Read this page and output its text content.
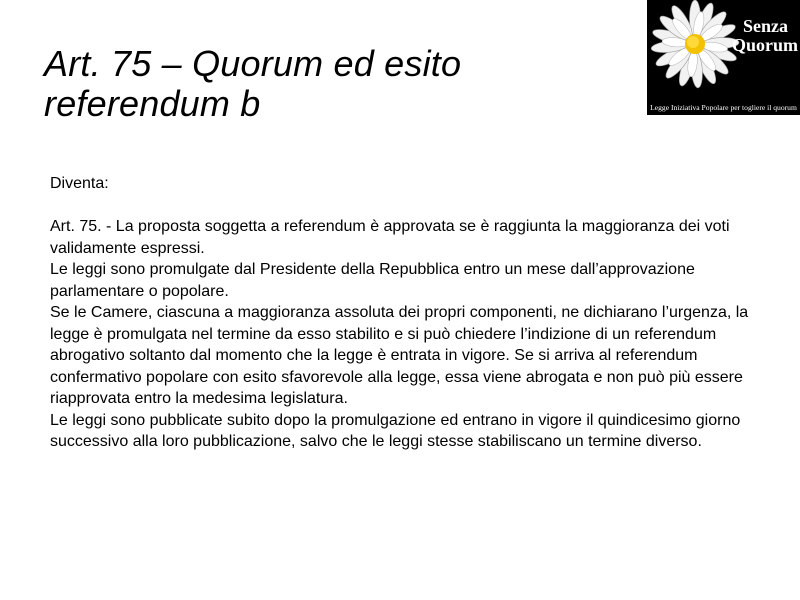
Art. 75 – Quorum ed esito
referendum b
Senza
Quorum
Legge Iniziativa Popolare per togliere il quorum

Diventa:

Art. 75. - La proposta soggetta a referendum è approvata se è raggiunta la maggioranza dei voti validamente espressi.

Le leggi sono promulgate dal Presidente della Repubblica entro un mese dall’approvazione parlamentare o popolare.

Se le Camere, ciascuna a maggioranza assoluta dei propri componenti, ne dichiarano l’urgenza, la legge è promulgata nel termine da esso stabilito e si può chiedere l’indizione di un referendum abrogativo soltanto dal momento che la legge è entrata in vigore. Se si arriva al referendum confermativo popolare con esito sfavorevole alla legge, essa viene abrogata e non può più essere riapprovata entro la medesima legislatura.

Le leggi sono pubblicate subito dopo la promulgazione ed entrano in vigore il quindicesimo giorno successivo alla loro pubblicazione, salvo che le leggi stesse stabiliscano un termine diverso.
